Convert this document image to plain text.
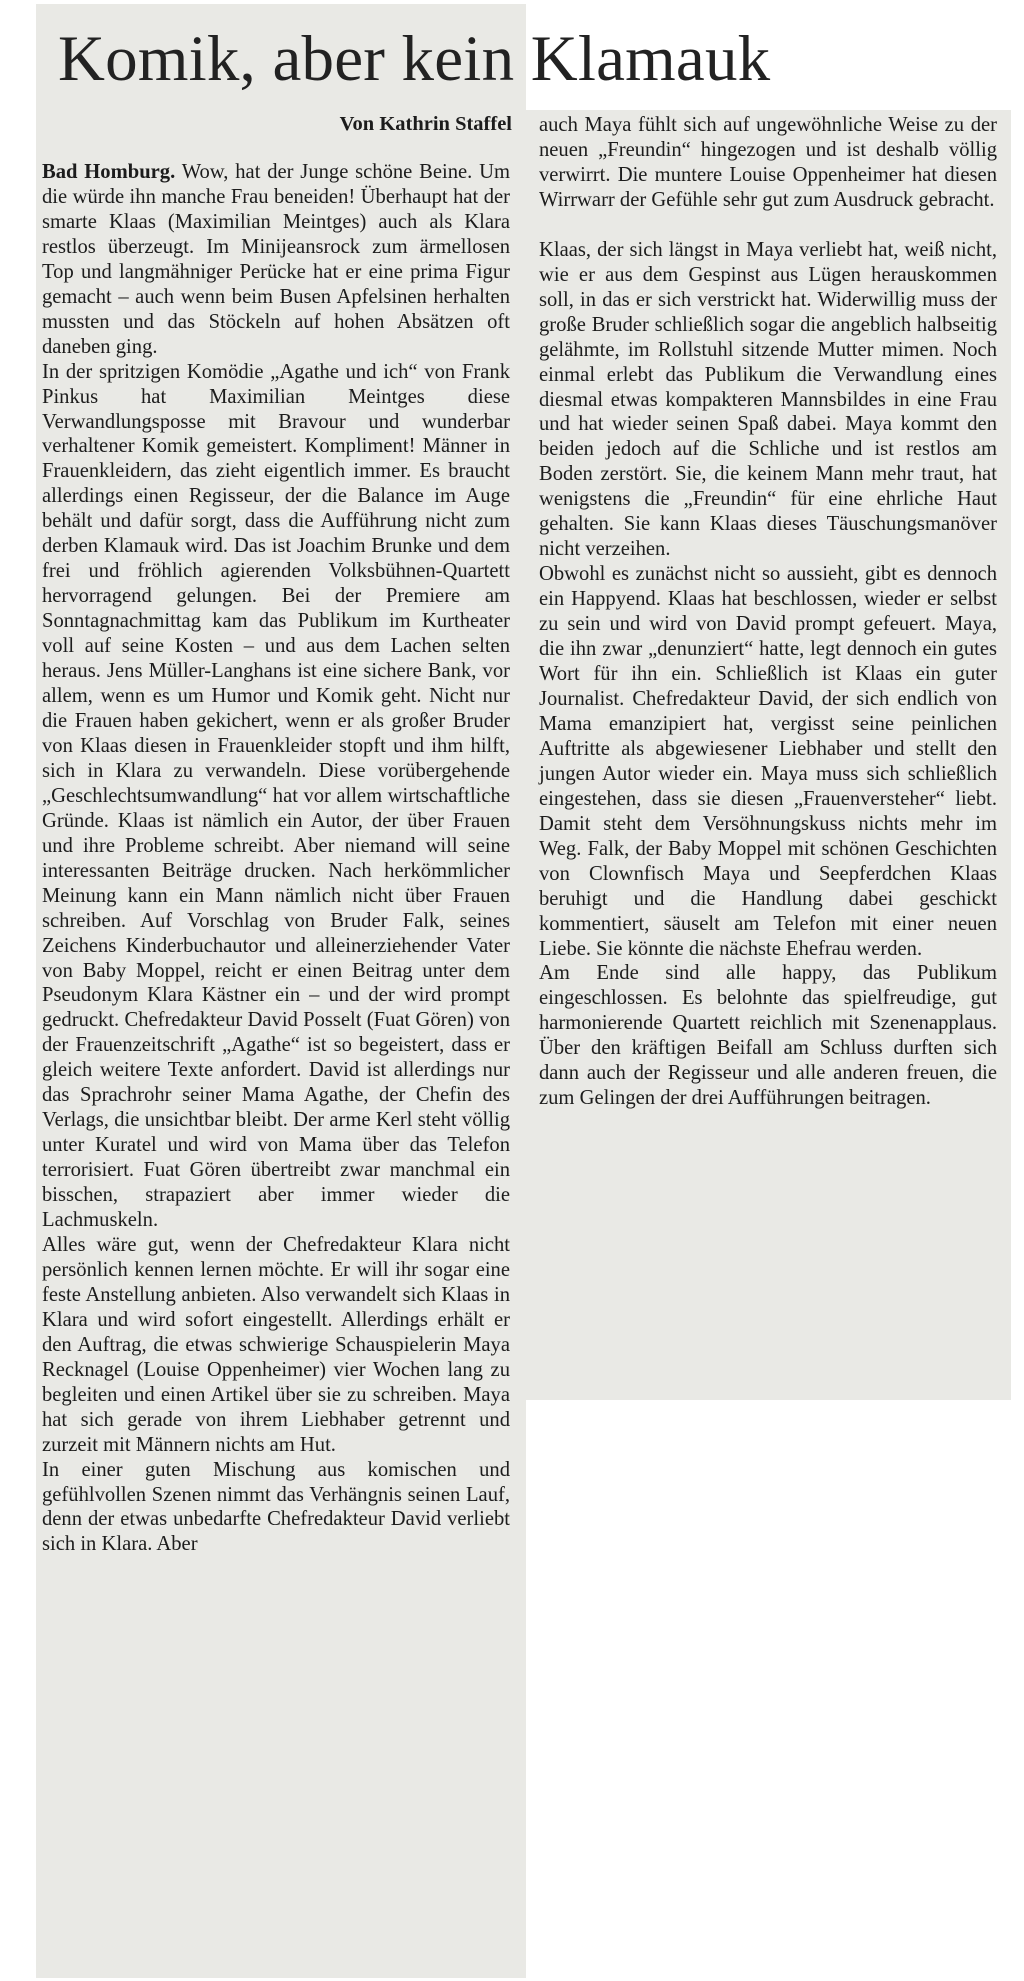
Komik, aber kein Klamauk
Von Kathrin Staffel

Bad Homburg. Wow, hat der Junge schöne Beine. Um die würde ihn manche Frau beneiden! Überhaupt hat der smarte Klaas (Maximilian Meintges) auch als Klara restlos überzeugt. Im Minijeansrock zum ärmellosen Top und langmähniger Perücke hat er eine prima Figur gemacht – auch wenn beim Busen Apfelsinen herhalten mussten und das Stöckeln auf hohen Absätzen oft daneben ging.

In der spritzigen Komödie „Agathe und ich“ von Frank Pinkus hat Maximilian Meintges diese Verwandlungsposse mit Bravour und wunderbar verhaltener Komik gemeistert. Kompliment! Männer in Frauenkleidern, das zieht eigentlich immer. Es braucht allerdings einen Regisseur, der die Balance im Auge behält und dafür sorgt, dass die Aufführung nicht zum derben Klamauk wird. Das ist Joachim Brunke und dem frei und fröhlich agierenden Volksbühnen-Quartett hervorragend gelungen. Bei der Premiere am Sonntagnachmittag kam das Publikum im Kurtheater voll auf seine Kosten – und aus dem Lachen selten heraus. Jens Müller-Langhans ist eine sichere Bank, vor allem, wenn es um Humor und Komik geht. Nicht nur die Frauen haben gekichert, wenn er als großer Bruder von Klaas diesen in Frauenkleider stopft und ihm hilft, sich in Klara zu verwandeln. Diese vorübergehende „Geschlechtsumwandlung“ hat vor allem wirtschaftliche Gründe. Klaas ist nämlich ein Autor, der über Frauen und ihre Probleme schreibt. Aber niemand will seine interessanten Beiträge drucken. Nach herkömmlicher Meinung kann ein Mann nämlich nicht über Frauen schreiben. Auf Vorschlag von Bruder Falk, seines Zeichens Kinderbuchautor und alleinerziehender Vater von Baby Moppel, reicht er einen Beitrag unter dem Pseudonym Klara Kästner ein – und der wird prompt gedruckt. Chefredakteur David Posselt (Fuat Gören) von der Frauenzeitschrift „Agathe“ ist so begeistert, dass er gleich weitere Texte anfordert. David ist allerdings nur das Sprachrohr seiner Mama Agathe, der Chefin des Verlags, die unsichtbar bleibt. Der arme Kerl steht völlig unter Kuratel und wird von Mama über das Telefon terrorisiert. Fuat Gören übertreibt zwar manchmal ein bisschen, strapaziert aber immer wieder die Lachmuskeln.

Alles wäre gut, wenn der Chefredakteur Klara nicht persönlich kennen lernen möchte. Er will ihr sogar eine feste Anstellung anbieten. Also verwandelt sich Klaas in Klara und wird sofort eingestellt. Allerdings erhält er den Auftrag, die etwas schwierige Schauspielerin Maya Recknagel (Louise Oppenheimer) vier Wochen lang zu begleiten und einen Artikel über sie zu schreiben. Maya hat sich gerade von ihrem Liebhaber getrennt und zurzeit mit Männern nichts am Hut.

In einer guten Mischung aus komischen und gefühlvollen Szenen nimmt das Verhängnis seinen Lauf, denn der etwas unbedarfte Chefredakteur David verliebt sich in Klara. Aber

auch Maya fühlt sich auf ungewöhnliche Weise zu der neuen „Freundin“ hingezogen und ist deshalb völlig verwirrt. Die muntere Louise Oppenheimer hat diesen Wirrwarr der Gefühle sehr gut zum Ausdruck gebracht.

Klaas, der sich längst in Maya verliebt hat, weiß nicht, wie er aus dem Gespinst aus Lügen herauskommen soll, in das er sich verstrickt hat. Widerwillig muss der große Bruder schließlich sogar die angeblich halbseitig gelähmte, im Rollstuhl sitzende Mutter mimen. Noch einmal erlebt das Publikum die Verwandlung eines diesmal etwas kompakteren Mannsbildes in eine Frau und hat wieder seinen Spaß dabei. Maya kommt den beiden jedoch auf die Schliche und ist restlos am Boden zerstört. Sie, die keinem Mann mehr traut, hat wenigstens die „Freundin“ für eine ehrliche Haut gehalten. Sie kann Klaas dieses Täuschungsmanöver nicht verzeihen.

Obwohl es zunächst nicht so aussieht, gibt es dennoch ein Happyend. Klaas hat beschlossen, wieder er selbst zu sein und wird von David prompt gefeuert. Maya, die ihn zwar „denunziert“ hatte, legt dennoch ein gutes Wort für ihn ein. Schließlich ist Klaas ein guter Journalist. Chefredakteur David, der sich endlich von Mama emanzipiert hat, vergisst seine peinlichen Auftritte als abgewiesener Liebhaber und stellt den jungen Autor wieder ein. Maya muss sich schließlich eingestehen, dass sie diesen „Frauenversteher“ liebt. Damit steht dem Versöhnungskuss nichts mehr im Weg. Falk, der Baby Moppel mit schönen Geschichten von Clownfisch Maya und Seepferdchen Klaas beruhigt und die Handlung dabei geschickt kommentiert, säuselt am Telefon mit einer neuen Liebe. Sie könnte die nächste Ehefrau werden.

Am Ende sind alle happy, das Publikum eingeschlossen. Es belohnte das spielfreudige, gut harmonierende Quartett reichlich mit Szenenapplaus. Über den kräftigen Beifall am Schluss durften sich dann auch der Regisseur und alle anderen freuen, die zum Gelingen der drei Aufführungen beitragen.
